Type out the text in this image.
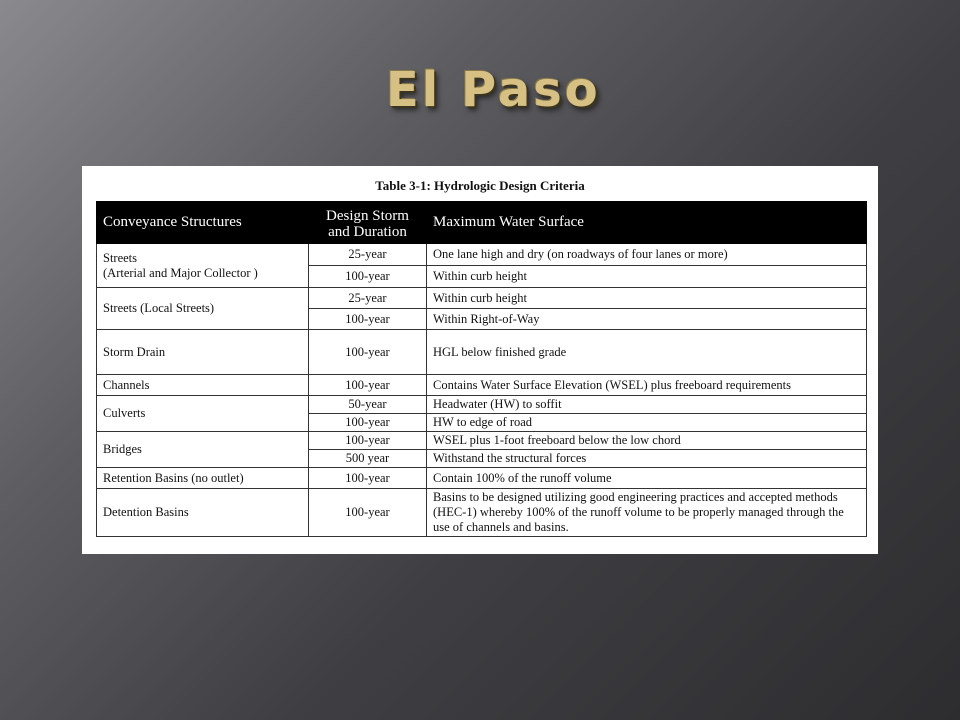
El Paso
Table 3-1: Hydrologic Design Criteria
Conveyance Structures	Design Storm and Duration	Maximum Water Surface
Streets
(Arterial and Major Collector )	25-year	One lane high and dry (on roadways of four lanes or more)
	100-year	Within curb height
Streets (Local Streets)	25-year	Within curb height
	100-year	Within Right-of-Way
Storm Drain	100-year	HGL below finished grade
Channels	100-year	Contains Water Surface Elevation (WSEL) plus freeboard requirements
Culverts	50-year	Headwater (HW) to soffit
	100-year	HW to edge of road
Bridges	100-year	WSEL plus 1-foot freeboard below the low chord
	500 year	Withstand the structural forces
Retention Basins (no outlet)	100-year	Contain 100% of the runoff volume
Detention Basins	100-year	Basins to be designed utilizing good engineering practices and accepted methods (HEC-1) whereby 100% of the runoff volume to be properly managed through the use of channels and basins.
